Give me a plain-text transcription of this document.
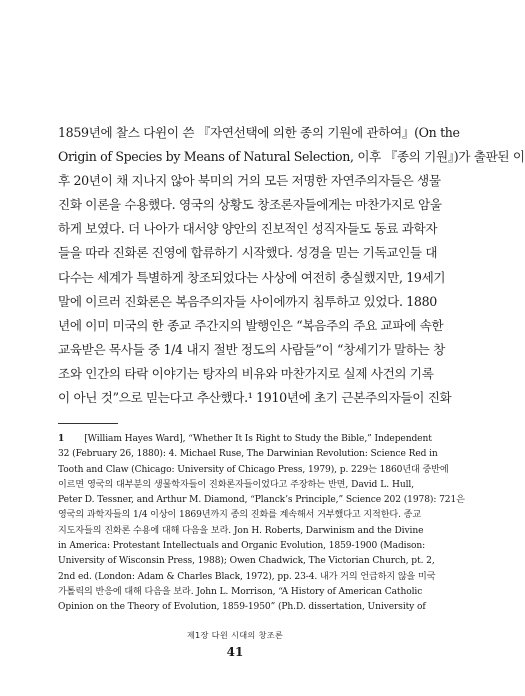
1859년에 찰스 다윈이 쓴 『자연선택에 의한 종의 기원에 관하여』(On the
Origin of Species by Means of Natural Selection, 이후 『종의 기원』)가 출판된 이
후 20년이 채 지나지 않아 북미의 거의 모든 저명한 자연주의자들은 생물
진화 이론을 수용했다. 영국의 상황도 창조론자들에게는 마찬가지로 암울
하게 보였다. 더 나아가 대서양 양안의 진보적인 성직자들도 동료 과학자
들을 따라 진화론 진영에 합류하기 시작했다. 성경을 믿는 기독교인들 대
다수는 세계가 특별하게 창조되었다는 사상에 여전히 충실했지만, 19세기
말에 이르러 진화론은 복음주의자들 사이에까지 침투하고 있었다. 1880
년에 이미 미국의 한 종교 주간지의 발행인은 “복음주의 주요 교파에 속한
교육받은 목사들 중 1/4 내지 절반 정도의 사람들”이 “창세기가 말하는 창
조와 인간의 타락 이야기는 탕자의 비유와 마찬가지로 실제 사건의 기록
이 아닌 것”으로 믿는다고 추산했다.¹ 1910년에 초기 근본주의자들이 진화
1 [William Hayes Ward], “Whether It Is Right to Study the Bible,” Independent
32 (February 26, 1880): 4. Michael Ruse, The Darwinian Revolution: Science Red in
Tooth and Claw (Chicago: University of Chicago Press, 1979), p. 229는 1860년대 중반에
이르면 영국의 대부분의 생물학자들이 진화론자들이었다고 주장하는 반면, David L. Hull,
Peter D. Tessner, and Arthur M. Diamond, “Planck’s Principle,” Science 202 (1978): 721은
영국의 과학자들의 1/4 이상이 1869년까지 종의 진화를 계속해서 거부했다고 지적한다. 종교
지도자들의 진화론 수용에 대해 다음을 보라. Jon H. Roberts, Darwinism and the Divine
in America: Protestant Intellectuals and Organic Evolution, 1859-1900 (Madison:
University of Wisconsin Press, 1988); Owen Chadwick, The Victorian Church, pt. 2,
2nd ed. (London: Adam & Charles Black, 1972), pp. 23-4. 내가 거의 언급하지 않을 미국
가톨릭의 반응에 대해 다음을 보라. John L. Morrison, “A History of American Catholic
Opinion on the Theory of Evolution, 1859-1950” (Ph.D. dissertation, University of
제1장 다윈 시대의 창조론
41
